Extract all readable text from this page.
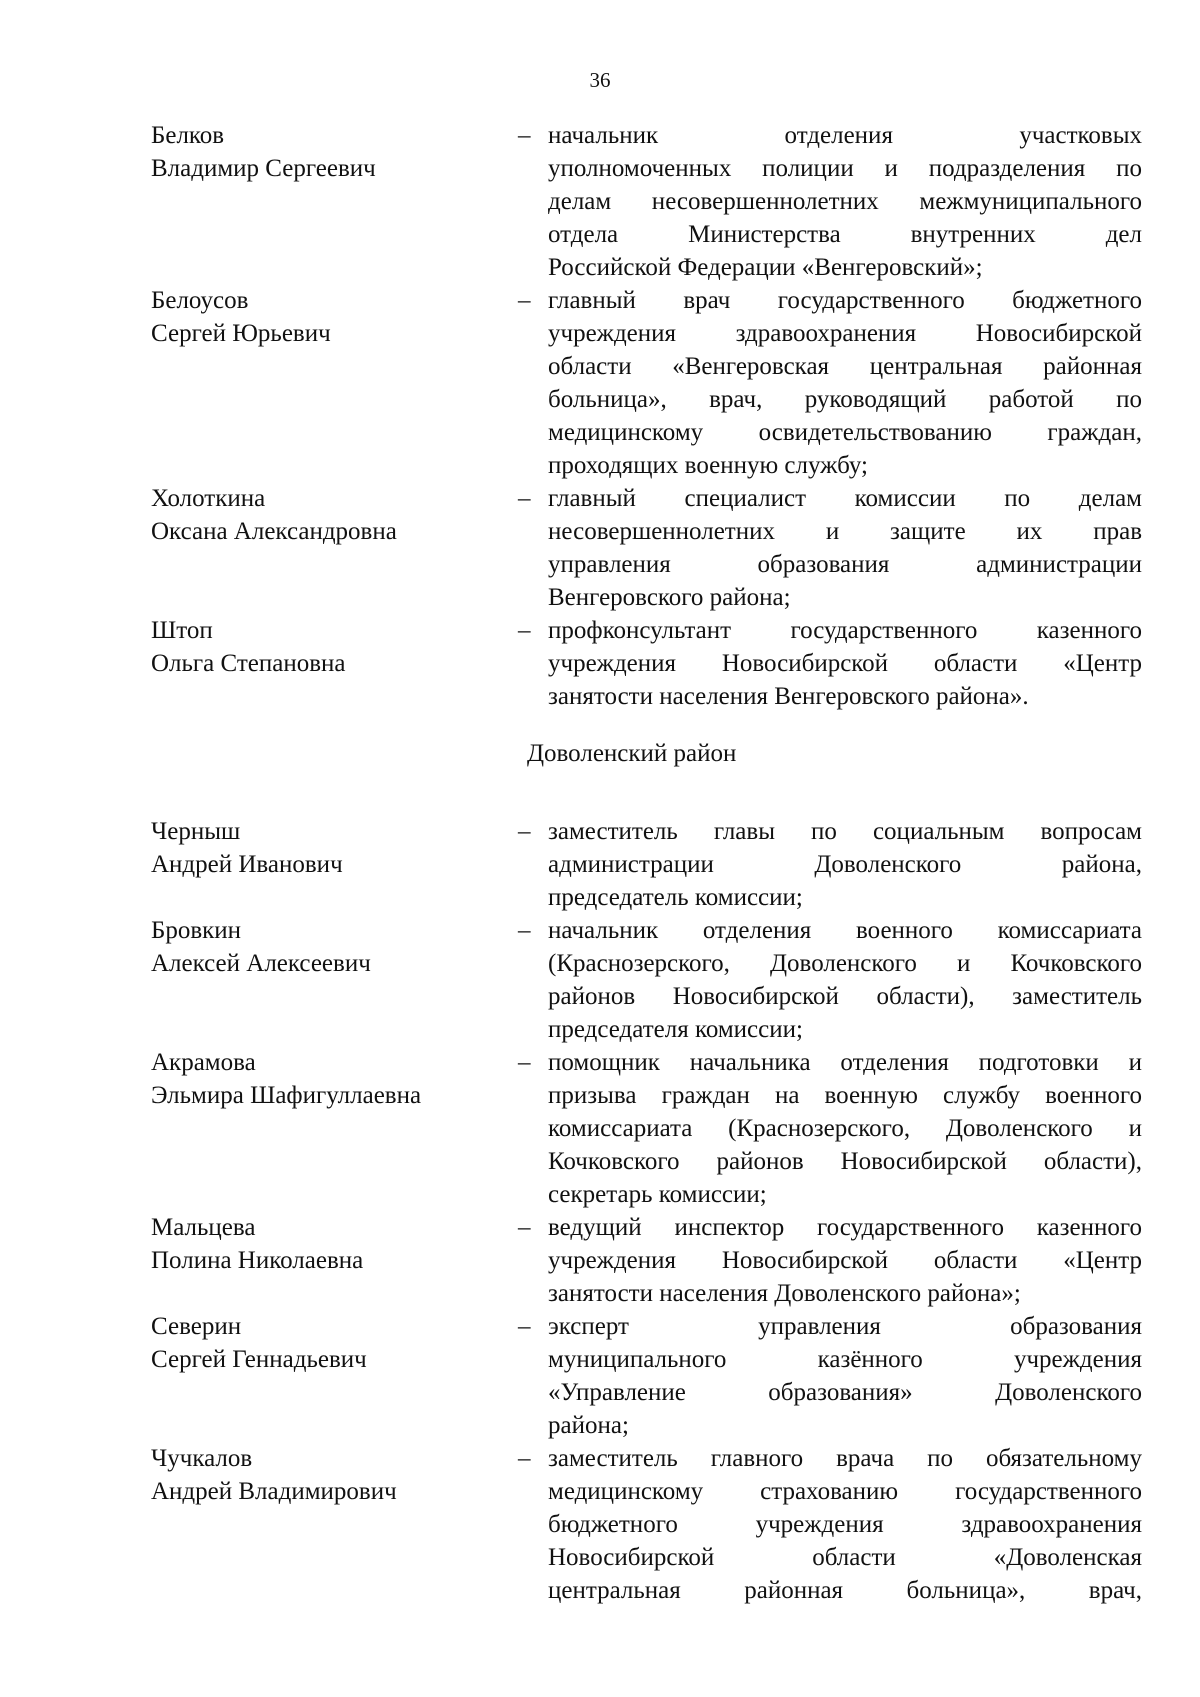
36
Белков
Владимир Сергеевич
– начальник отделения участковых
уполномоченных полиции и подразделения по
делам несовершеннолетних межмуниципального
отдела Министерства внутренних дел
Российской Федерации «Венгеровский»;
Белоусов
Сергей Юрьевич
– главный врач государственного бюджетного
учреждения здравоохранения Новосибирской
области «Венгеровская центральная районная
больница», врач, руководящий работой по
медицинскому освидетельствованию граждан,
проходящих военную службу;
Холоткина
Оксана Александровна
– главный специалист комиссии по делам
несовершеннолетних и защите их прав
управления образования администрации
Венгеровского района;
Штоп
Ольга Степановна
– профконсультант государственного казенного
учреждения Новосибирской области «Центр
занятости населения Венгеровского района».
Доволенский район
Черныш
Андрей Иванович
– заместитель главы по социальным вопросам
администрации Доволенского района,
председатель комиссии;
Бровкин
Алексей Алексеевич
– начальник отделения военного комиссариата
(Краснозерского, Доволенского и Кочковского
районов Новосибирской области), заместитель
председателя комиссии;
Акрамова
Эльмира Шафигуллаевна
– помощник начальника отделения подготовки и
призыва граждан на военную службу военного
комиссариата (Краснозерского, Доволенского и
Кочковского районов Новосибирской области),
секретарь комиссии;
Мальцева
Полина Николаевна
– ведущий инспектор государственного казенного
учреждения Новосибирской области «Центр
занятости населения Доволенского района»;
Северин
Сергей Геннадьевич
– эксперт управления образования
муниципального казённого учреждения
«Управление образования» Доволенского
района;
Чучкалов
Андрей Владимирович
– заместитель главного врача по обязательному
медицинскому страхованию государственного
бюджетного учреждения здравоохранения
Новосибирской области «Доволенская
центральная районная больница», врач,
